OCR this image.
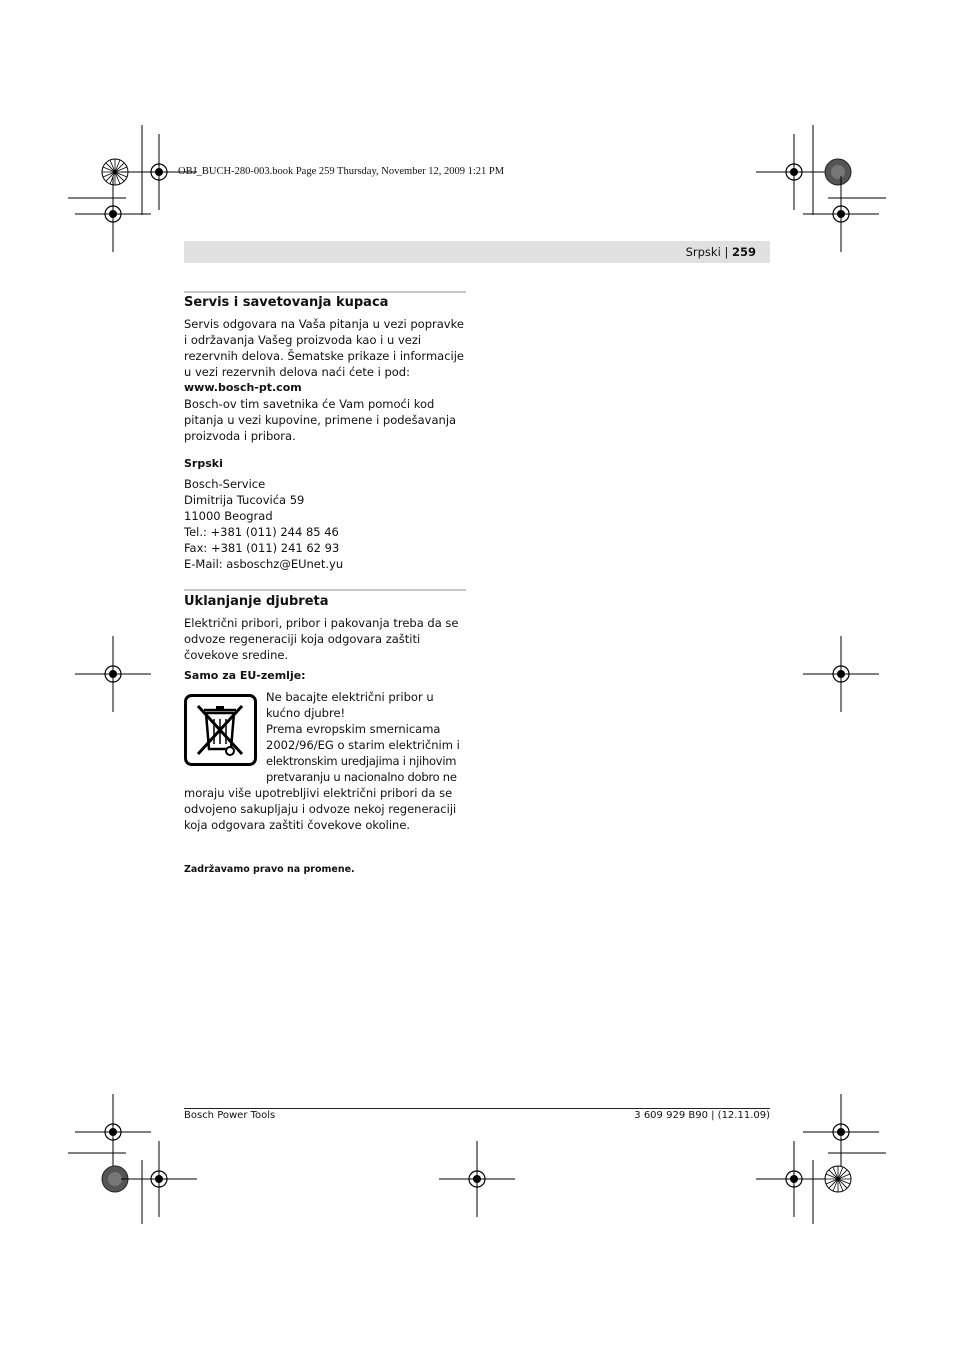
OBJ_BUCH-280-003.book Page 259 Thursday, November 12, 2009 1:21 PM
Srpski | 259
Servis i savetovanja kupaca
Servis odgovara na Vaša pitanja u vezi popravke
i održavanja Vašeg proizvoda kao i u vezi
rezervnih delova. Šematske prikaze i informacije
u vezi rezervnih delova naći ćete i pod:
www.bosch-pt.com
Bosch-ov tim savetnika će Vam pomoći kod
pitanja u vezi kupovine, primene i podešavanja
proizvoda i pribora.
Srpski
Bosch-Service
Dimitrija Tucovića 59
11000 Beograd
Tel.: +381 (011) 244 85 46
Fax: +381 (011) 241 62 93
E-Mail: asboschz@EUnet.yu
Uklanjanje djubreta
Električni pribori, pribor i pakovanja treba da se
odvoze regeneraciji koja odgovara zaštiti
čovekove sredine.
Samo za EU-zemlje:
Ne bacajte električni pribor u
kućno djubre!
Prema evropskim smernicama
2002/96/EG o starim električnim i
elektronskim uredjajima i njihovim
pretvaranju u nacionalno dobro ne
moraju više upotrebljivi električni pribori da se
odvojeno sakupljaju i odvoze nekoj regeneraciji
koja odgovara zaštiti čovekove okoline.
Zadržavamo pravo na promene.
Bosch Power Tools	3 609 929 B90 | (12.11.09)
